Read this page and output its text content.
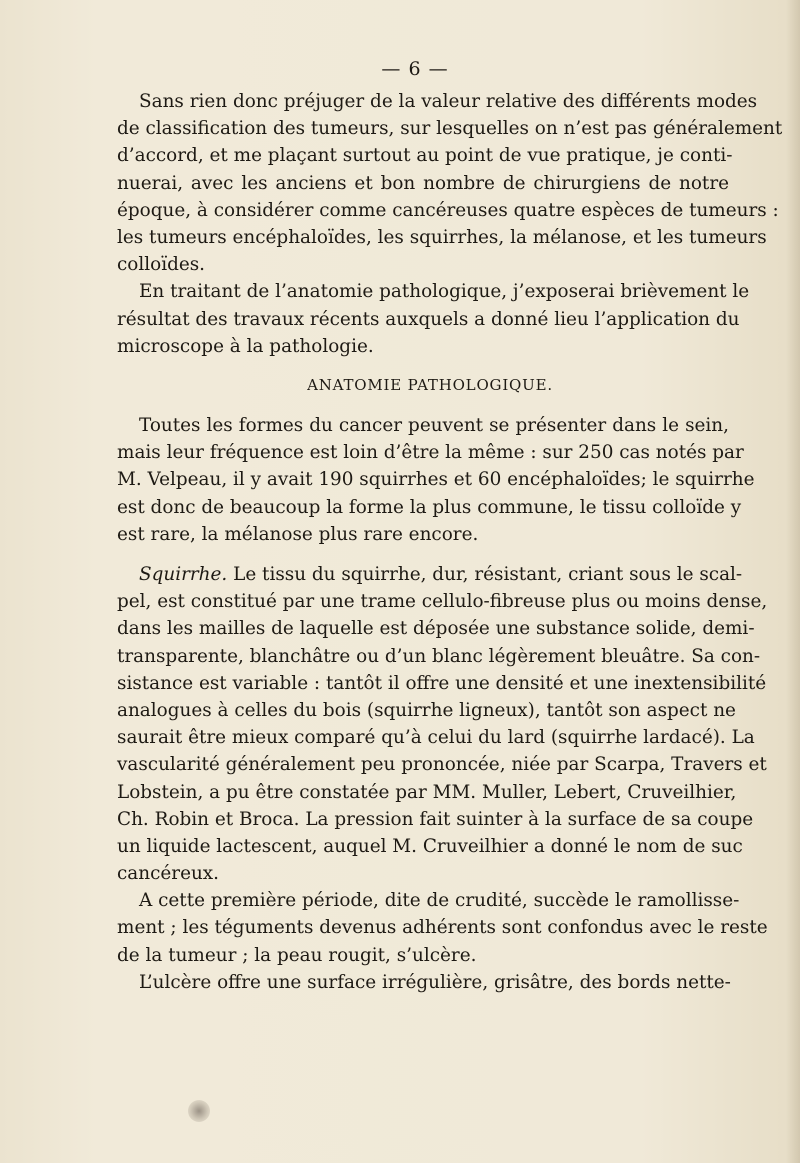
— 6 —

Sans rien donc préjuger de la valeur relative des différents modes
de classification des tumeurs, sur lesquelles on n’est pas généralement
d’accord, et me plaçant surtout au point de vue pratique, je conti-
nuerai, avec les anciens et bon nombre de chirurgiens de notre
époque, à considérer comme cancéreuses quatre espèces de tumeurs :
les tumeurs encéphaloïdes, les squirrhes, la mélanose, et les tumeurs
colloïdes.
En traitant de l’anatomie pathologique, j’exposerai brièvement le
résultat des travaux récents auxquels a donné lieu l’application du
microscope à la pathologie.
ANATOMIE PATHOLOGIQUE.
Toutes les formes du cancer peuvent se présenter dans le sein,
mais leur fréquence est loin d’être la même : sur 250 cas notés par
M. Velpeau, il y avait 190 squirrhes et 60 encéphaloïdes; le squirrhe
est donc de beaucoup la forme la plus commune, le tissu colloïde y
est rare, la mélanose plus rare encore.
Squirrhe. Le tissu du squirrhe, dur, résistant, criant sous le scal-
pel, est constitué par une trame cellulo-fibreuse plus ou moins dense,
dans les mailles de laquelle est déposée une substance solide, demi-
transparente, blanchâtre ou d’un blanc légèrement bleuâtre. Sa con-
sistance est variable : tantôt il offre une densité et une inextensibilité
analogues à celles du bois (squirrhe ligneux), tantôt son aspect ne
saurait être mieux comparé qu’à celui du lard (squirrhe lardacé). La
vascularité généralement peu prononcée, niée par Scarpa, Travers et
Lobstein, a pu être constatée par MM. Muller, Lebert, Cruveilhier,
Ch. Robin et Broca. La pression fait suinter à la surface de sa coupe
un liquide lactescent, auquel M. Cruveilhier a donné le nom de suc
cancéreux.
A cette première période, dite de crudité, succède le ramollisse-
ment ; les téguments devenus adhérents sont confondus avec le reste
de la tumeur ; la peau rougit, s’ulcère.
L’ulcère offre une surface irrégulière, grisâtre, des bords nette-
